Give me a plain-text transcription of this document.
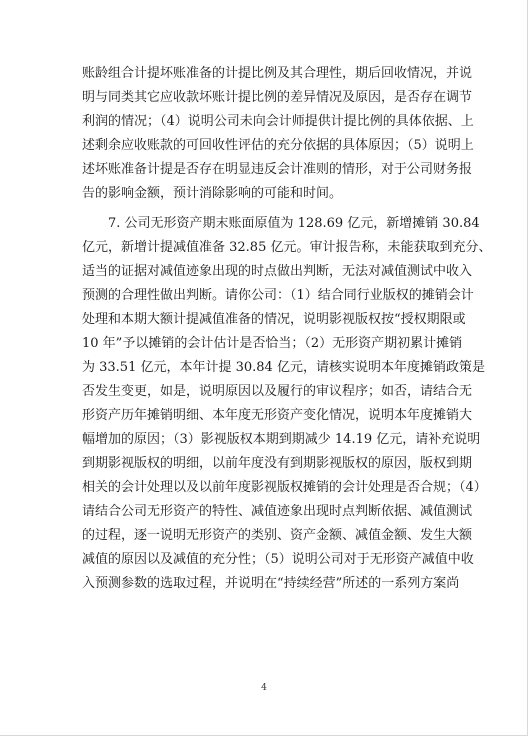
账龄组合计提坏账准备的计提比例及其合理性，期后回收情况，并说
明与同类其它应收款坏账计提比例的差异情况及原因，是否存在调节
利润的情况；（4）说明公司未向会计师提供计提比例的具体依据、上
述剩余应收账款的可回收性评估的充分依据的具体原因；（5）说明上
述坏账准备计提是否存在明显违反会计准则的情形，对于公司财务报
告的影响金额，预计消除影响的可能和时间。
7. 公司无形资产期末账面原值为 128.69 亿元，新增摊销 30.84
亿元，新增计提减值准备 32.85 亿元。审计报告称，未能获取到充分、
适当的证据对减值迹象出现的时点做出判断，无法对减值测试中收入
预测的合理性做出判断。请你公司：（1）结合同行业版权的摊销会计
处理和本期大额计提减值准备的情况，说明影视版权按“授权期限或
10 年”予以摊销的会计估计是否恰当；（2）无形资产期初累计摊销
为 33.51 亿元，本年计提 30.84 亿元，请核实说明本年度摊销政策是
否发生变更，如是，说明原因以及履行的审议程序；如否，请结合无
形资产历年摊销明细、本年度无形资产变化情况，说明本年度摊销大
幅增加的原因；（3）影视版权本期到期减少 14.19 亿元，请补充说明
到期影视版权的明细，以前年度没有到期影视版权的原因，版权到期
相关的会计处理以及以前年度影视版权摊销的会计处理是否合规；（4）
请结合公司无形资产的特性、减值迹象出现时点判断依据、减值测试
的过程，逐一说明无形资产的类别、资产金额、减值金额、发生大额
减值的原因以及减值的充分性；（5）说明公司对于无形资产减值中收
入预测参数的选取过程，并说明在“持续经营”所述的一系列方案尚
4
